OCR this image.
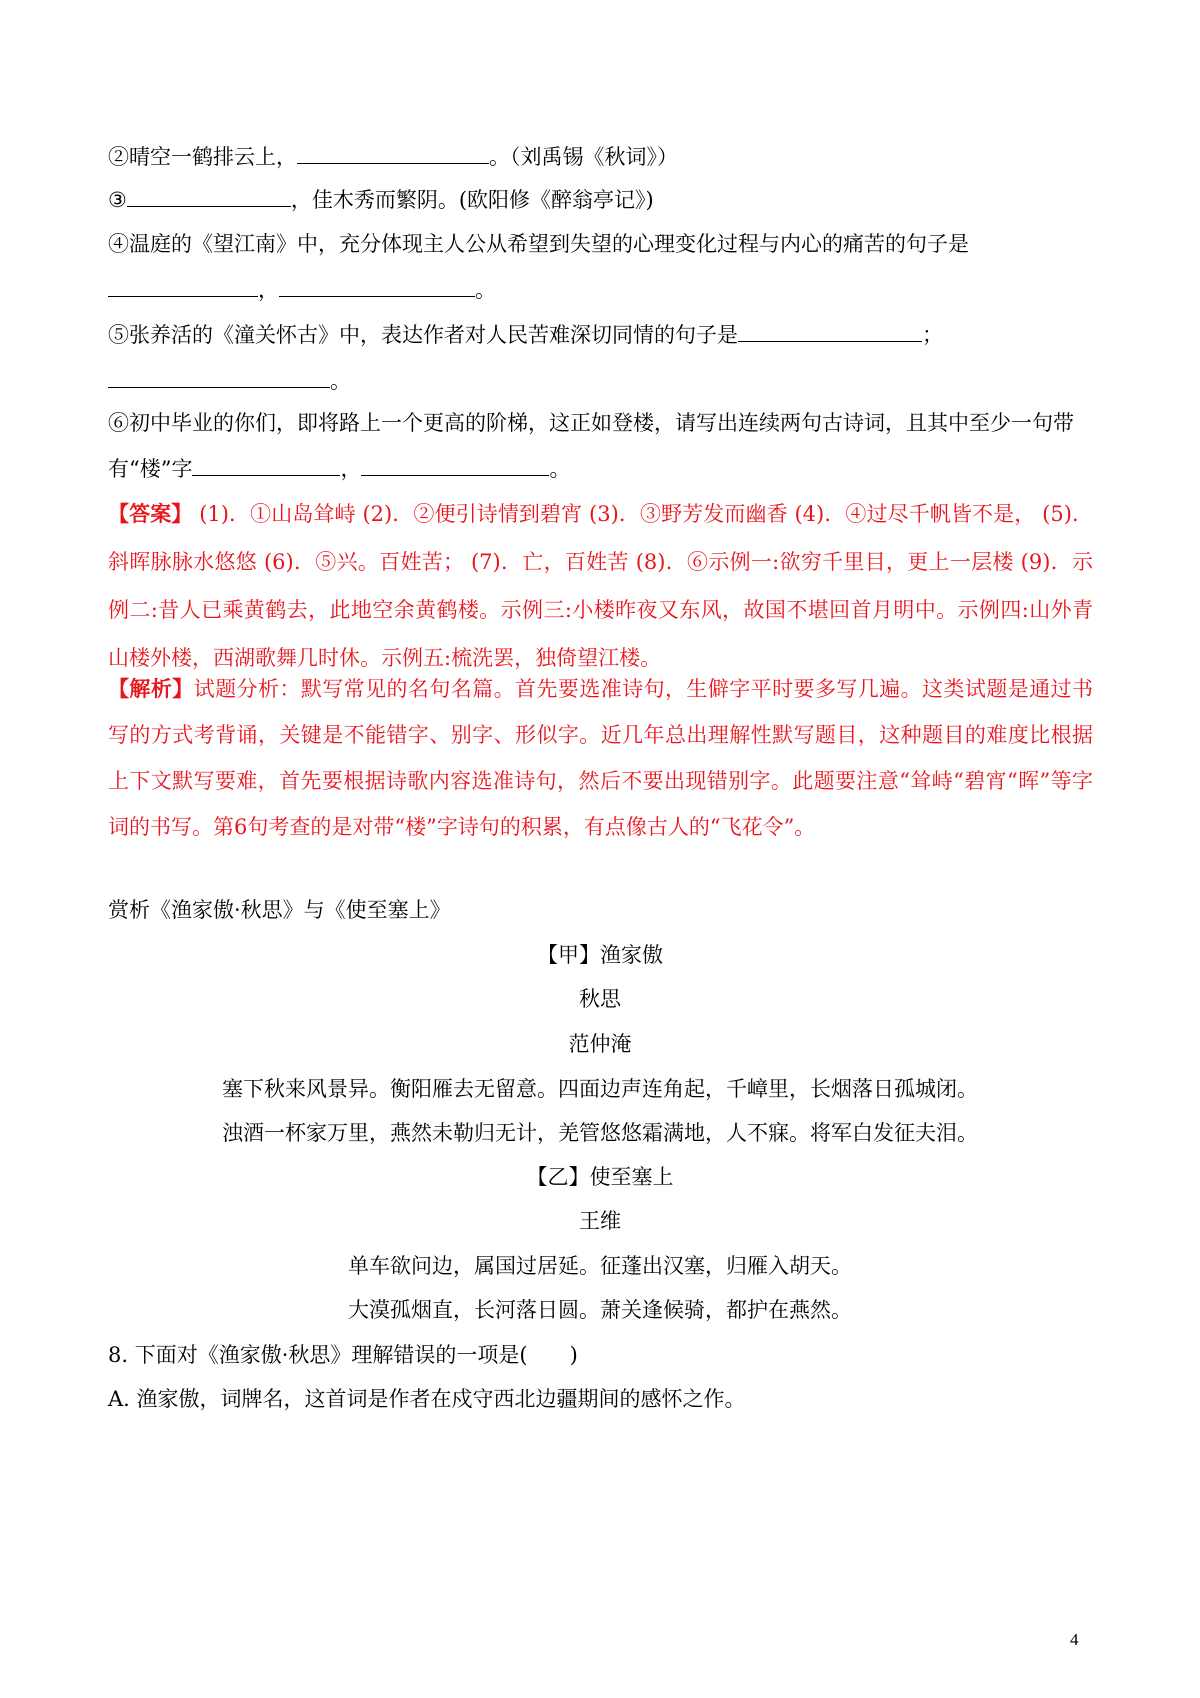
②晴空一鹤排云上，	。（刘禹锡《秋词》）
③	，佳木秀而繁阴。(欧阳修《醉翁亭记》)
④温庭的《望江南》中，充分体现主人公从希望到失望的心理变化过程与内心的痛苦的句子是
，	。
⑤张养活的《潼关怀古》中，表达作者对人民苦难深切同情的句子是	；
。
⑥初中毕业的你们，即将路上一个更高的阶梯，这正如登楼，请写出连续两句古诗词，且其中至少一句带
有“楼”字	，	。
【答案】 (1)．①山岛耸峙 (2)．②便引诗情到碧宵 (3)．③野芳发而幽香 (4)．④过尽千帆皆不是， (5)．斜晖脉脉水悠悠 (6)．⑤兴。百姓苦； (7)．亡，百姓苦 (8)．⑥示例一:欲穷千里目，更上一层楼 (9)．示例二:昔人已乘黄鹤去，此地空余黄鹤楼。示例三:小楼昨夜又东风，故国不堪回首月明中。示例四:山外青山楼外楼，西湖歌舞几时休。示例五:梳洗罢，独倚望江楼。
【解析】试题分析：默写常见的名句名篇。首先要选准诗句，生僻字平时要多写几遍。这类试题是通过书写的方式考背诵，关键是不能错字、别字、形似字。近几年总出理解性默写题目，这种题目的难度比根据上下文默写要难，首先要根据诗歌内容选准诗句，然后不要出现错别字。此题要注意“耸峙“碧宵“晖”等字词的书写。第6句考查的是对带“楼”字诗句的积累，有点像古人的“飞花令”。
赏析《渔家傲·秋思》与《使至塞上》
【甲】渔家傲
秋思
范仲淹
塞下秋来风景异。衡阳雁去无留意。四面边声连角起，千嶂里，长烟落日孤城闭。
浊酒一杯家万里，燕然未勒归无计，羌管悠悠霜满地，人不寐。将军白发征夫泪。
【乙】使至塞上
王维
单车欲问边，属国过居延。征蓬出汉塞，归雁入胡天。
大漠孤烟直，长河落日圆。萧关逢候骑，都护在燕然。
8. 下面对《渔家傲·秋思》理解错误的一项是(　　)
A. 渔家傲，词牌名，这首词是作者在戍守西北边疆期间的感怀之作。
4
